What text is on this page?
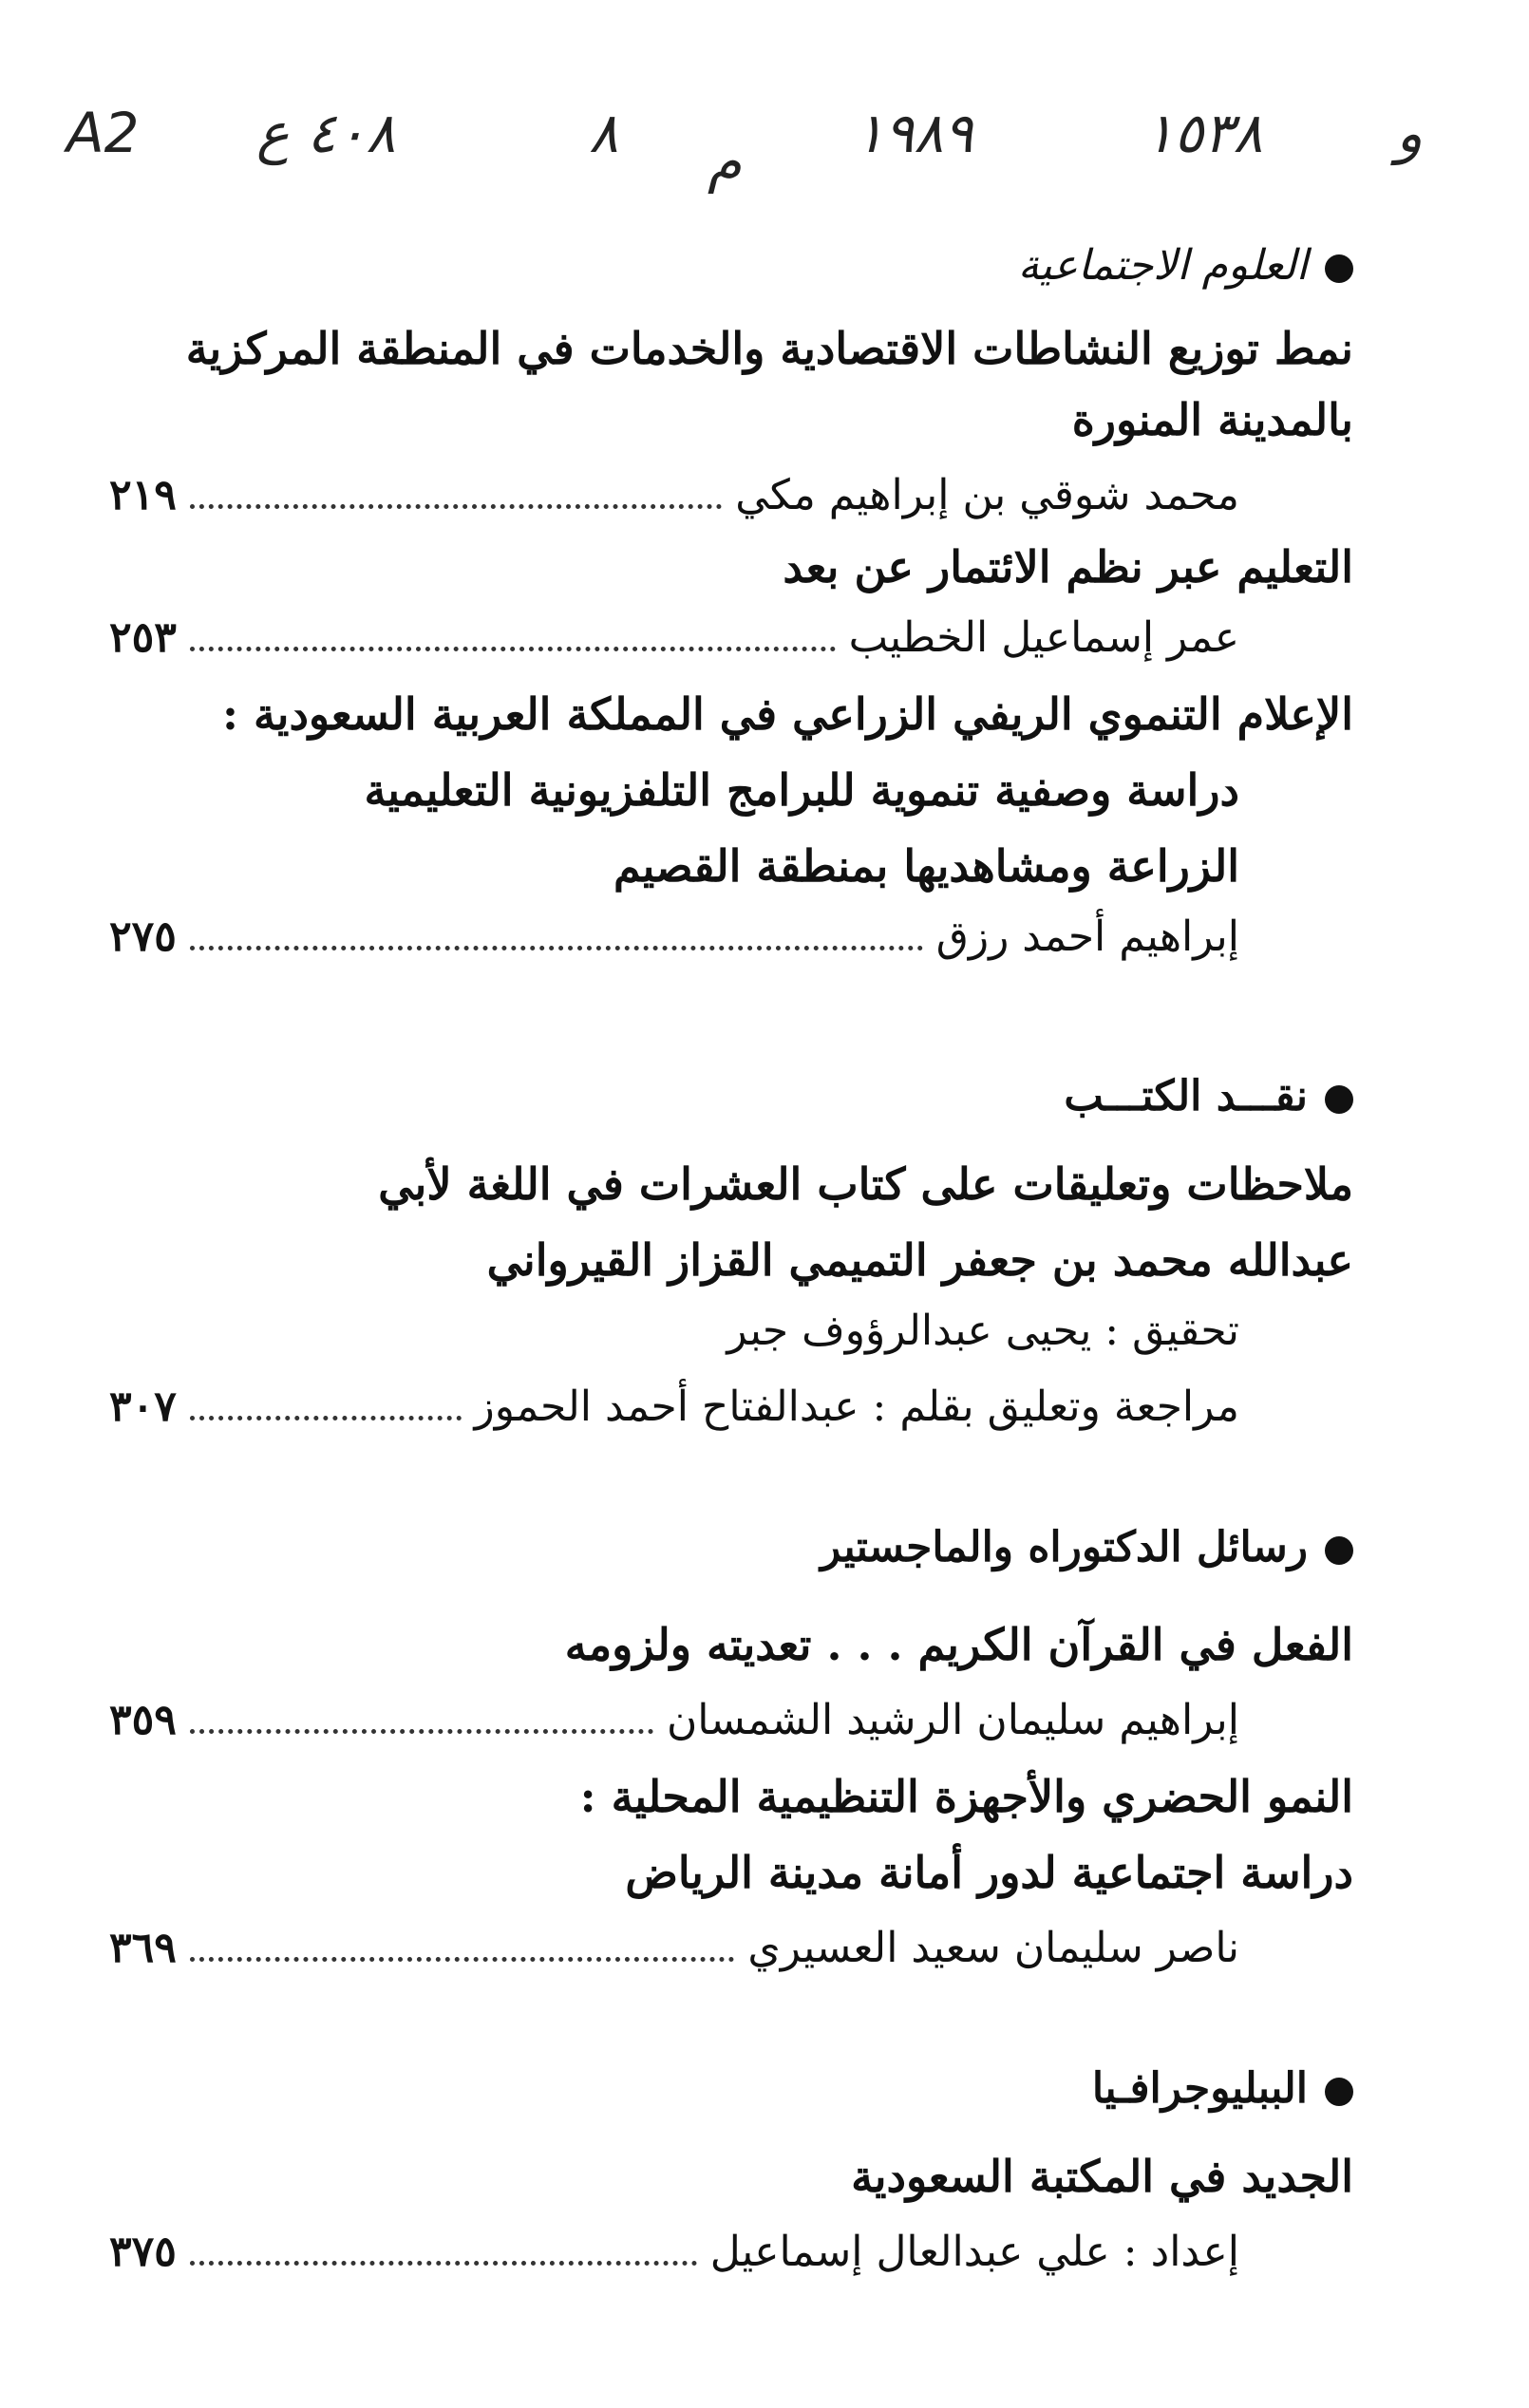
A2 ٤٠٨ ع	٨ م ١٩٨٩	١٥٣٨ و
العلوم الاجتماعية
نمط توزيع النشاطات الاقتصادية والخدمات في المنطقة المركزية
بالمدينة المنورة
محمد شوقي بن إبراهيم مكي
٢١٩
التعليم عبر نظم الائتمار عن بعد
عمر إسماعيل الخطيب
٢٥٣
الإعلام التنموي الريفي الزراعي في المملكة العربية السعودية :
دراسة وصفية تنموية للبرامج التلفزيونية التعليمية
الزراعة ومشاهديها بمنطقة القصيم
إبراهيم أحمد رزق
٢٧٥
نقـــد الكتـــب
ملاحظات وتعليقات على كتاب العشرات في اللغة لأبي
عبدالله محمد بن جعفر التميمي القزاز القيرواني
تحقيق : يحيى عبدالرؤوف جبر
مراجعة وتعليق بقلم : عبدالفتاح أحمد الحموز
٣٠٧
رسائل الدكتوراه والماجستير
الفعل في القرآن الكريم . . . تعديته ولزومه
إبراهيم سليمان الرشيد الشمسان
٣٥٩
النمو الحضري والأجهزة التنظيمية المحلية :
دراسة اجتماعية لدور أمانة مدينة الرياض
ناصر سليمان سعيد العسيري
٣٦٩
الببليوجرافـيا
الجديد في المكتبة السعودية
إعداد : علي عبدالعال إسماعيل
٣٧٥
